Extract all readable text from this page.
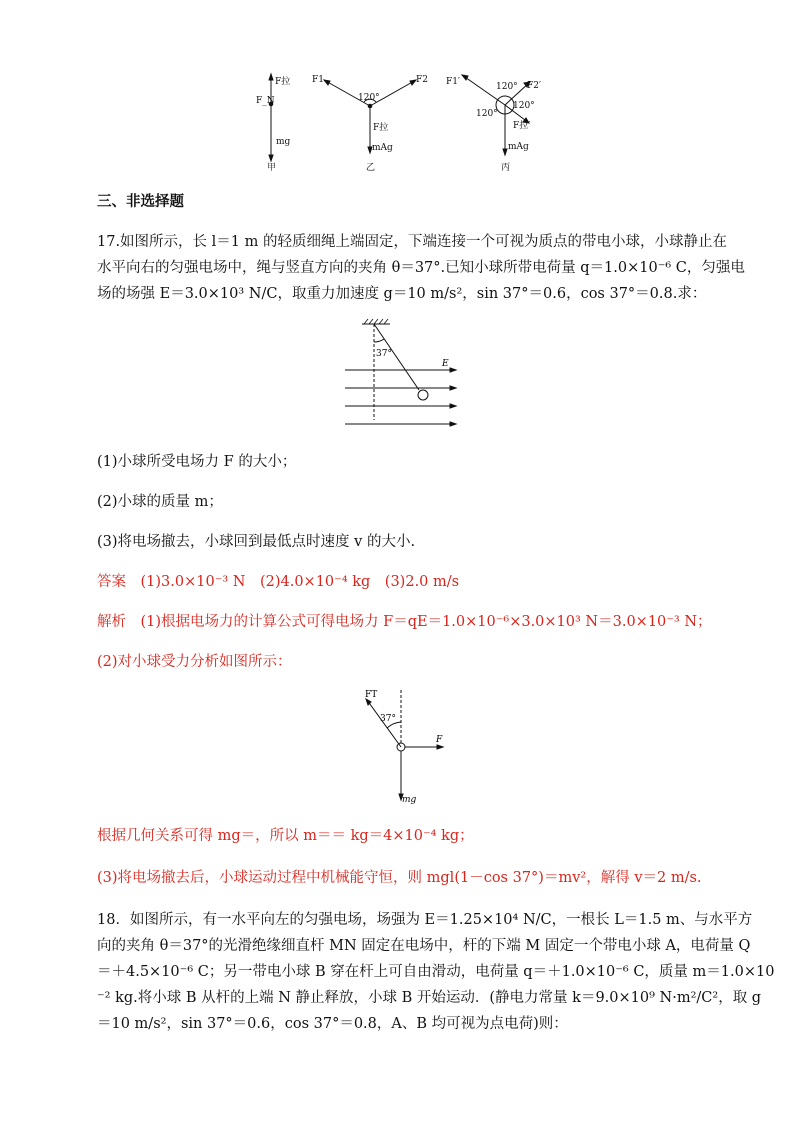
F拉
F_N
mg
甲
F1	F2
120°
F拉
mAg
乙
F1′	120° F2′
120°
120°
F拉′
mAg
丙
三、非选择题
17.如图所示，长 l＝1 m 的轻质细绳上端固定，下端连接一个可视为质点的带电小球，小球静止在
水平向右的匀强电场中，绳与竖直方向的夹角 θ＝37°.已知小球所带电荷量 q＝1.0×10⁻⁶ C，匀强电
场的场强 E＝3.0×10³ N/C，取重力加速度 g＝10 m/s²，sin 37°＝0.6，cos 37°＝0.8.求：
37°
E
(1)小球所受电场力 F 的大小；
(2)小球的质量 m；
(3)将电场撤去，小球回到最低点时速度 v 的大小.
答案　(1)3.0×10⁻³ N　(2)4.0×10⁻⁴ kg　(3)2.0 m/s
解析　(1)根据电场力的计算公式可得电场力 F＝qE＝1.0×10⁻⁶×3.0×10³ N＝3.0×10⁻³ N；
(2)对小球受力分析如图所示：
FT
37°
F
mg
根据几何关系可得 mg＝，所以 m＝＝ kg＝4×10⁻⁴ kg；
(3)将电场撤去后，小球运动过程中机械能守恒，则 mgl(1－cos 37°)＝mv²，解得 v＝2 m/s.
18．如图所示，有一水平向左的匀强电场，场强为 E＝1.25×10⁴ N/C，一根长 L＝1.5 m、与水平方
向的夹角 θ＝37°的光滑绝缘细直杆 MN 固定在电场中，杆的下端 M 固定一个带电小球 A，电荷量 Q
＝＋4.5×10⁻⁶ C；另一带电小球 B 穿在杆上可自由滑动，电荷量 q＝＋1.0×10⁻⁶ C，质量 m＝1.0×10
⁻² kg.将小球 B 从杆的上端 N 静止释放，小球 B 开始运动．(静电力常量 k＝9.0×10⁹ N·m²/C²，取 g
＝10 m/s²，sin 37°＝0.6，cos 37°＝0.8，A、B 均可视为点电荷)则：
